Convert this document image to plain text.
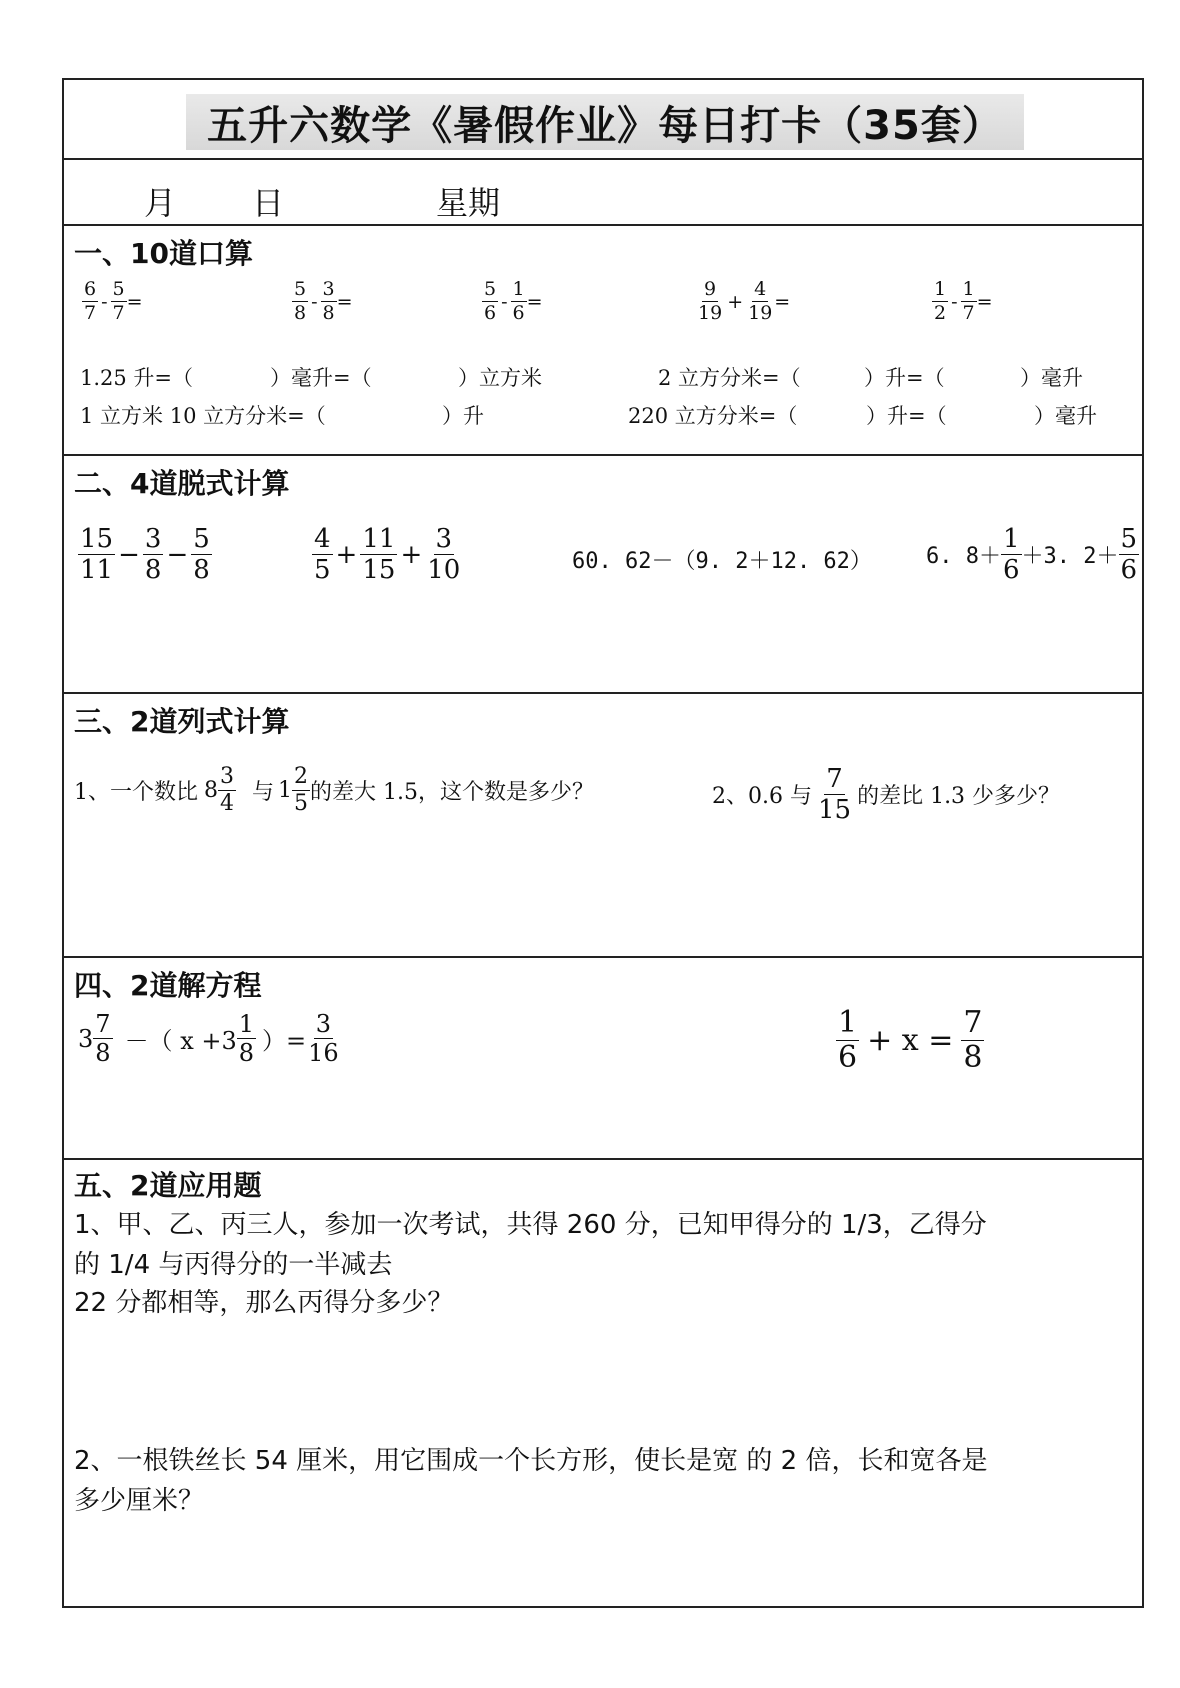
五升六数学《暑假作业》每日打卡（35套）
月 日	星期
一、10道口算
$\frac{6}{7} - \frac{5}{7}$ =	$\frac{5}{8} - \frac{3}{8}$ =	$\frac{5}{6} - \frac{1}{6}$ =	$\frac{9}{19} + \frac{4}{19}$ =	$\frac{1}{2} - \frac{1}{7}$ =
1.25 升=（	）毫升=（	）立方米	2 立方分米=（	）升=（	）毫升
1 立方米 10 立方分米=（	）升	220 立方分米=（	）升=（	）毫升
二、4道脱式计算
$\frac{15}{11} - \frac{3}{8} - \frac{5}{8}$	$\frac{4}{5} + \frac{11}{15} + \frac{3}{10}$	60. 62－（9. 2＋12. 62） 6. $8+ \frac{1}{6} +3$. $2+ \frac{5}{6}$
三、2道列式计算
1、一个数比 $8 \frac{3}{4}$ 与 $1 \frac{2}{5}$ 的差大 1.5，这个数是多少？	2、0.6 与 $\frac{7}{15}$ 的差比 1.3 少多少？
四、2道解方程
$3 \frac{7}{8}$ －（ $x +3 \frac{1}{8}$ ）= $\frac{3}{16}$	$\frac{1}{6} + x = \frac{7}{8}$
五、2道应用题
1、甲、乙、丙三人，参加一次考试，共得 260 分，已知甲得分的 1/3，乙得分
的 1/4 与丙得分的一半减去
22 分都相等，那么丙得分多少？
2、一根铁丝长 54 厘米，用它围成一个长方形，使长是宽 的 2 倍，长和宽各是
多少厘米？
